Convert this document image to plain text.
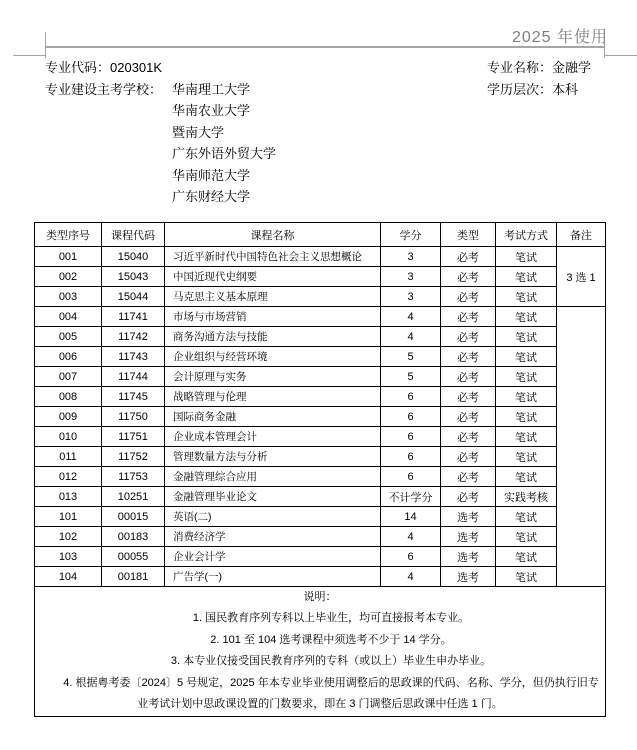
2025 年使用
专业代码：020301K
专业建设主考学校： 华南理工大学
华南农业大学
暨南大学
广东外语外贸大学
华南师范大学
广东财经大学
专业名称：金融学
学历层次：本科
类型序号	课程代码	课程名称	学分	类型	考试方式	备注
001	15040	习近平新时代中国特色社会主义思想概论	3	必考	笔试	3 选 1
002	15043	中国近现代史纲要	3	必考	笔试	
003	15044	马克思主义基本原理	3	必考	笔试	
004	11741	市场与市场营销	4	必考	笔试	
005	11742	商务沟通方法与技能	4	必考	笔试	
006	11743	企业组织与经营环境	5	必考	笔试	
007	11744	会计原理与实务	5	必考	笔试	
008	11745	战略管理与伦理	6	必考	笔试	
009	11750	国际商务金融	6	必考	笔试	
010	11751	企业成本管理会计	6	必考	笔试	
011	11752	管理数量方法与分析	6	必考	笔试	
012	11753	金融管理综合应用	6	必考	笔试	
013	10251	金融管理毕业论文	不计学分	必考	实践考核	
101	00015	英语(二)	14	选考	笔试	
102	00183	消费经济学	4	选考	笔试	
103	00055	企业会计学	6	选考	笔试	
104	00181	广告学(一)	4	选考	笔试	

说明：
1. 国民教育序列专科以上毕业生，均可直接报考本专业。
2. 101 至 104 选考课程中须选考不少于 14 学分。
3. 本专业仅接受国民教育序列的专科（或以上）毕业生申办毕业。
4. 根据粤考委〔2024〕5 号规定，2025 年本专业毕业使用调整后的思政课的代码、名称、学分，但仍执行旧专业考试计划中思政课设置的门数要求，即在 3 门调整后思政课中任选 1 门。						
